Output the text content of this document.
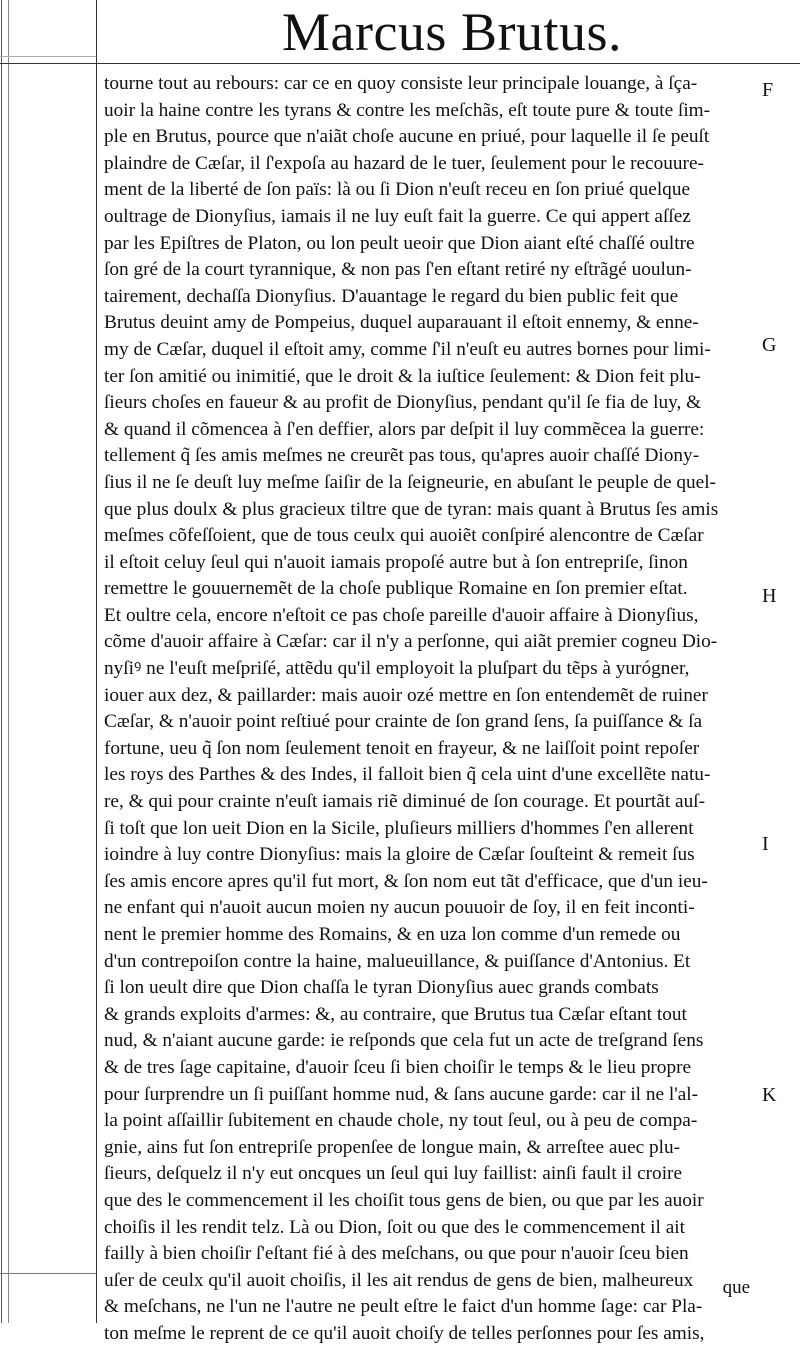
Marcus Brutus.
tourne tout au rebours: car ce en quoy consiste leur principale louange, à ſça-
uoir la haine contre les tyrans & contre les meſchãs, eſt toute pure & toute ſim-
ple en Brutus, pource que n'aiãt choſe aucune en priué, pour laquelle il ſe peuſt
plaindre de Cæſar, il ſ'expoſa au hazard de le tuer, ſeulement pour le recouure-
ment de la liberté de ſon païs: là ou ſi Dion n'euſt receu en ſon priué quelque
oultrage de Dionyſius, iamais il ne luy euſt fait la guerre. Ce qui appert aſſez
par les Epiſtres de Platon, ou lon peult ueoir que Dion aiant eſté chaſſé oultre
ſon gré de la court tyrannique, & non pas ſ'en eſtant retiré ny eſtrãgé uoulun-
tairement, dechaſſa Dionyſius. D'auantage le regard du bien public feit que
Brutus deuint amy de Pompeius, duquel auparauant il eſtoit ennemy, & enne-
my de Cæſar, duquel il eſtoit amy, comme ſ'il n'euſt eu autres bornes pour limi-
ter ſon amitié ou inimitié, que le droit & la iuſtice ſeulement: & Dion feit plu-
ſieurs choſes en faueur & au profit de Dionyſius, pendant qu'il ſe fia de luy, &
& quand il cõmencea à ſ'en deffier, alors par deſpit il luy commẽcea la guerre:
tellement q̃ ſes amis meſmes ne creurẽt pas tous, qu'apres auoir chaſſé Diony-
ſius il ne ſe deuſt luy meſme ſaiſir de la ſeigneurie, en abuſant le peuple de quel-
que plus doulx & plus gracieux tiltre que de tyran: mais quant à Brutus ſes amis
meſmes cõfeſſoient, que de tous ceulx qui auoiẽt conſpiré alencontre de Cæſar
il eſtoit celuy ſeul qui n'auoit iamais propoſé autre but à ſon entrepriſe, ſinon
remettre le gouuernemẽt de la choſe publique Romaine en ſon premier eſtat.
Et oultre cela, encore n'eſtoit ce pas choſe pareille d'auoir affaire à Dionyſius,
cõme d'auoir affaire à Cæſar: car il n'y a perſonne, qui aiãt premier cogneu Dio-
nyſiꝰ ne l'euſt meſpriſé, attẽdu qu'il employoit la pluſpart du tẽps à yurógner,
iouer aux dez, & paillarder: mais auoir ozé mettre en ſon entendemẽt de ruiner
Cæſar, & n'auoir point reſtiué pour crainte de ſon grand ſens, ſa puiſſance & ſa
fortune, ueu q̃ ſon nom ſeulement tenoit en frayeur, & ne laiſſoit point repoſer
les roys des Parthes & des Indes, il falloit bien q̃ cela uint d'une excellẽte natu-
re, & qui pour crainte n'euſt iamais riẽ diminué de ſon courage. Et pourtãt auſ-
ſi toſt que lon ueit Dion en la Sicile, pluſieurs milliers d'hommes ſ'en allerent
ioindre à luy contre Dionyſius: mais la gloire de Cæſar ſouſteint & remeit ſus
ſes amis encore apres qu'il fut mort, & ſon nom eut tãt d'efficace, que d'un ieu-
ne enfant qui n'auoit aucun moien ny aucun pouuoir de ſoy, il en feit inconti-
nent le premier homme des Romains, & en uza lon comme d'un remede ou
d'un contrepoiſon contre la haine, malueuillance, & puiſſance d'Antonius. Et
ſi lon ueult dire que Dion chaſſa le tyran Dionyſius auec grands combats
& grands exploits d'armes: &, au contraire, que Brutus tua Cæſar eſtant tout
nud, & n'aiant aucune garde: ie reſponds que cela fut un acte de treſgrand ſens
& de tres ſage capitaine, d'auoir ſceu ſi bien choiſir le temps & le lieu propre
pour ſurprendre un ſi puiſſant homme nud, & ſans aucune garde: car il ne l'al-
la point aſſaillir ſubitement en chaude chole, ny tout ſeul, ou à peu de compa-
gnie, ains fut ſon entrepriſe propenſee de longue main, & arreſtee auec plu-
ſieurs, deſquelz il n'y eut oncques un ſeul qui luy faillist: ainſi fault il croire
que des le commencement il les choiſit tous gens de bien, ou que par les auoir
choiſis il les rendit telz. Là ou Dion, ſoit ou que des le commencement il ait
failly à bien choiſir ſ'eſtant fié à des meſchans, ou que pour n'auoir ſceu bien
uſer de ceulx qu'il auoit choiſis, il les ait rendus de gens de bien, malheureux
& meſchans, ne l'un ne l'autre ne peult eſtre le faict d'un homme ſage: car Pla-
ton meſme le reprent de ce qu'il auoit choiſy de telles perſonnes pour ſes amis,
F
G
H
I
K
que
